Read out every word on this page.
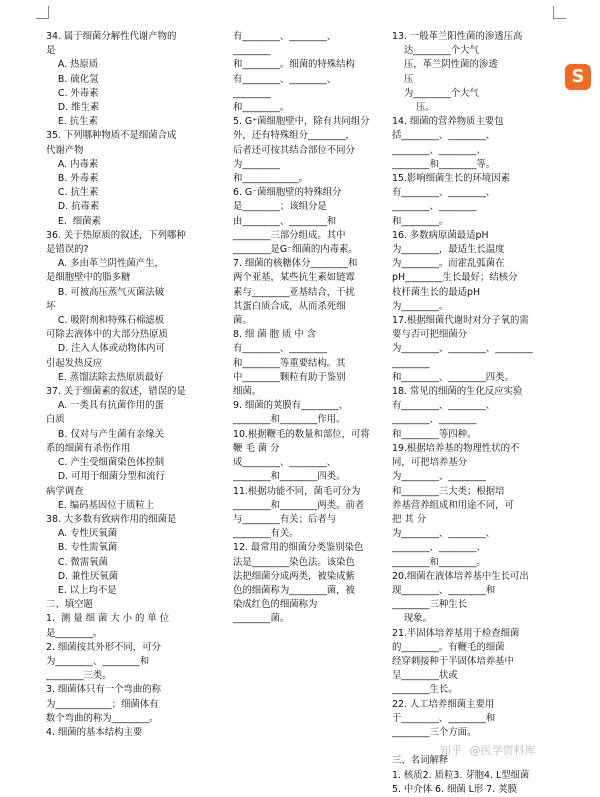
34. 属于细菌分解性代谢产物的
是
A. 热原质
B. 硫化氢
C. 外毒素
D. 维生素
E. 抗生素
35. 下列哪种物质不是细菌合成
代谢产物
A. 内毒素
B. 外毒素
C. 抗生素
D. 抗毒素
E.  细菌素
36. 关于热原质的叙述，下列哪种
是错误的?
A. 多由革兰阴性菌产生，
是细胞壁中的脂多糖
B. 可被高压蒸气灭菌法破
坏
C. 吸附剂和特殊石棉滤板
可除去液体中的大部分热原质
D. 注入人体或动物体内可
引起发热反应
E. 蒸馏法除去热原质最好
37. 关于细菌素的叙述，错误的是
A. 一类具有抗菌作用的蛋
白质
B. 仅对与产生菌有亲缘关
系的细菌有杀伤作用
C. 产生受细菌染色体控制
D. 可用于细菌分型和流行
病学调查
E. 编码基因位于质粒上
38. 大多数有致病作用的细菌是
A. 专性厌氧菌
B. 专性需氧菌
C. 微需氧菌
D. 兼性厌氧菌
E. 以上均不是
二、填空题
1.  测 量 细 菌 大 小 的 单 位
是________。
2. 细菌按其外形不同，可分
为________、________和
________三类。
3. 细菌体只有一个弯曲的称
为____________；细菌体有
数个弯曲的称为________。
4. 细菌的基本结构主要
有________、________、________
和________。细菌的特殊结构
有________、________、________
和________。
5. G⁺菌细胞壁中，除有共同组分
外，还有特殊组分________，
后者还可按其结合部位不同分
为________
和____________。
6. G⁻菌细胞壁的特殊组分
是________；该组分是
由________、________和
________三部分组成。其中
________是G⁻细菌的内毒素。
7. 细菌的核糖体分________和
两个亚基，某些抗生素如链霉
素与________亚基结合，干扰
其蛋白质合成，从而杀死细
菌。
8. 细 菌 胞 质 中 含
有________、________
和________等重要结构。其
中________颗粒有助于鉴别
细菌。
9. 细菌的荚膜有________、
________和________作用。
10.根据鞭毛的数量和部位，可将
鞭 毛 菌 分
成________、________、
________和________四类。
11.根据功能不同，菌毛可分为
________和________两类。前者
与________有关；后者与
________有关。
12. 最常用的细菌分类鉴别染色
法是________染色法。该染色
法把细菌分成两类，被染成紫
色的细菌称为________菌，被
染成红色的细菌称为
________菌。
13. 一般革兰阳性菌的渗透压高
达________个大气
压，革兰阴性菌的渗透
压
为________个大气
压。
14. 细菌的营养物质主要包
括________、________、
________、________、
________和________等。
15.影响细菌生长的环境因素
有________、________、
________、________
和________。
16. 多数病原菌最适pH
为________，最适生长温度
为________。而霍乱弧菌在
pH________生长最好；结核分
枝杆菌生长的最适pH
为________。
17.根据细菌代谢时对分子氧的需
要与否可把细菌分
为________、________、________
________
和________、________四类。
18. 常见的细菌的生化反应实验
有________、________、
________、________
和________等四种。
19.根据培养基的物理性状的不
同，可把培养基分
为________、________
和________三大类；根据培
养基营养组成和用途不同，可
把 其 分
为________、________、
________、________、
________和________。
20.细菌在液体培养基中生长可出
现________、________和
________三种生长
现象。
21.半固体培养基用于检查细菌
的________。有鞭毛的细菌
经穿刺接种于半固体培养基中
呈________状或
________生长。
22. 人工培养细菌主要用
于________、________和
________三个方面。

三、名词解释
1. 核质2. 质粒3. 芽胞4. L型细菌
5. 中介体 6. 细菌 L形 7. 荚膜
S
知乎 @医学资料库
